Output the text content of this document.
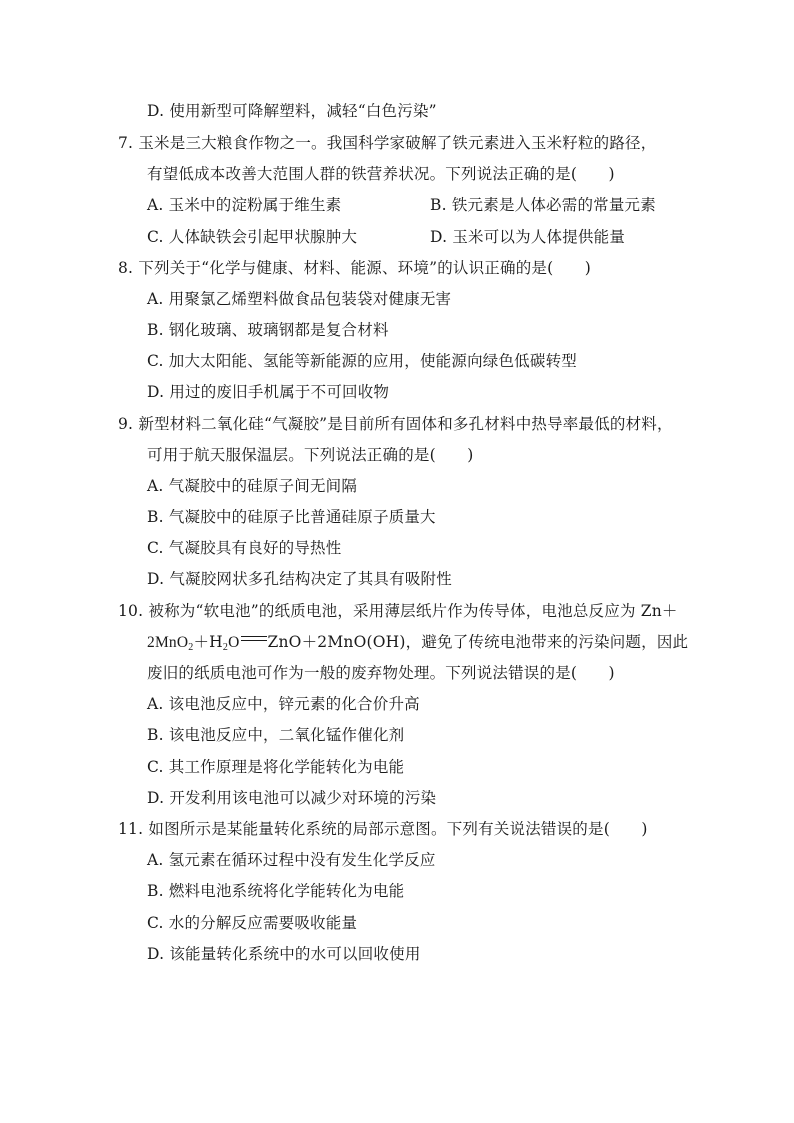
D. 使用新型可降解塑料，减轻“白色污染”
7. 玉米是三大粮食作物之一。我国科学家破解了铁元素进入玉米籽粒的路径，
有望低成本改善大范围人群的铁营养状况。下列说法正确的是(　　)
A. 玉米中的淀粉属于维生素	B. 铁元素是人体必需的常量元素
C. 人体缺铁会引起甲状腺肿大	D. 玉米可以为人体提供能量
8. 下列关于“化学与健康、材料、能源、环境”的认识正确的是(　　)
A. 用聚氯乙烯塑料做食品包装袋对健康无害
B. 钢化玻璃、玻璃钢都是复合材料
C. 加大太阳能、氢能等新能源的应用，使能源向绿色低碳转型
D. 用过的废旧手机属于不可回收物
9. 新型材料二氧化硅“气凝胶”是目前所有固体和多孔材料中热导率最低的材料，
可用于航天服保温层。下列说法正确的是(　　)
A. 气凝胶中的硅原子间无间隔
B. 气凝胶中的硅原子比普通硅原子质量大
C. 气凝胶具有良好的导热性
D. 气凝胶网状多孔结构决定了其具有吸附性
10. 被称为“软电池”的纸质电池，采用薄层纸片作为传导体，电池总反应为 Zn＋
$2MnO_2+H_2O$ ZnO＋2MnO(OH)，避免了传统电池带来的污染问题，因此
废旧的纸质电池可作为一般的废弃物处理。下列说法错误的是(　　)
A. 该电池反应中，锌元素的化合价升高
B. 该电池反应中，二氧化锰作催化剂
C. 其工作原理是将化学能转化为电能
D. 开发利用该电池可以减少对环境的污染
11. 如图所示是某能量转化系统的局部示意图。下列有关说法错误的是(　　)
A. 氢元素在循环过程中没有发生化学反应
B. 燃料电池系统将化学能转化为电能
C. 水的分解反应需要吸收能量
D. 该能量转化系统中的水可以回收使用
